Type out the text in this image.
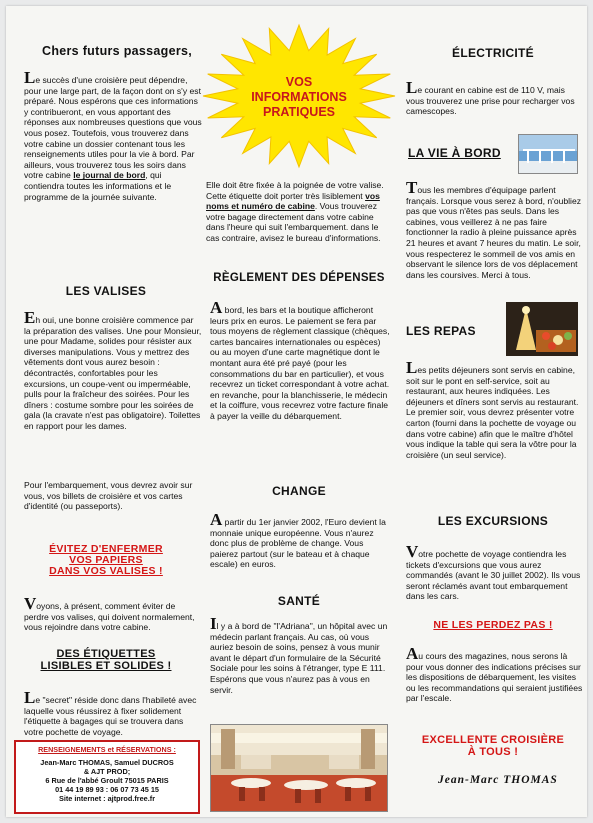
Chers futurs passagers,
Le succès d'une croisière peut dépendre, pour une large part, de la façon dont on s'y est préparé. Nous espérons que ces informations y contribueront, en vous apportant des réponses aux nombreuses questions que vous vous posez. Toutefois, vous trouverez dans votre cabine un dossier contenant tous les renseignements utiles pour la vie à bord. Par ailleurs, vous trouverez tous les soirs dans votre cabine le journal de bord, qui contiendra toutes les informations et le programme de la journée suivante.
LES VALISES
Eh oui, une bonne croisière commence par la préparation des valises. Une pour Monsieur, une pour Madame, solides pour résister aux diverses manipulations. Vous y mettrez des vêtements dont vous aurez besoin : décontractés, confortables pour les excursions, un coupe-vent ou imperméable, pulls pour la fraîcheur des soirées. Pour les dîners : costume sombre pour les soirées de gala (la cravate n'est pas obligatoire). Toilettes en rapport pour les dames.
Pour l'embarquement, vous devrez avoir sur vous, vos billets de croisière et vos cartes d'identité (ou passeports).
ÉVITEZ D'ENFERMER
VOS PAPIERS
DANS VOS VALISES !
Voyons, à présent, comment éviter de perdre vos valises, qui doivent normalement, vous rejoindre dans votre cabine.
DES ÉTIQUETTES
LISIBLES ET SOLIDES !
Le "secret" réside donc dans l'habileté avec laquelle vous réussirez à fixer solidement l'étiquette à bagages qui se trouvera dans votre pochette de voyage.
RENSEIGNEMENTS et RÉSERVATIONS :
Jean-Marc THOMAS, Samuel DUCROS
& AJT PROD;
6 Rue de l'abbé Groult 75015 PARIS
01 44 19 89 93 : 06 07 73 45 15
Site internet : ajtprod.free.fr
VOS
INFORMATIONS
PRATIQUES
Elle doit être fixée à la poignée de votre valise. Cette étiquette doit porter très lisiblement vos noms et numéro de cabine. Vous trouverez votre bagage directement dans votre cabine dans l'heure qui suit l'embarquement. dans le cas contraire, avisez le bureau d'informations.
RÈGLEMENT DES DÉPENSES
A bord, les bars et la boutique afficheront leurs prix en euros. Le paiement se fera par tous moyens de règlement classique (chèques, cartes bancaires internationales ou espèces) ou au moyen d'une carte magnétique dont le montant aura été pré payé (pour les consommations du bar en particulier), et vous recevrez un ticket correspondant à votre achat. en revanche, pour la blanchisserie, le médecin et la coiffure, vous recevrez votre facture finale à payer la veille du débarquement.
CHANGE
A partir du 1er janvier 2002, l'Euro devient la monnaie unique européenne. Vous n'aurez donc plus de problème de change. Vous paierez partout (sur le bateau et à chaque escale) en euros.
SANTÉ
Il y a à bord de "l'Adriana", un hôpital avec un médecin parlant français. Au cas, où vous auriez besoin de soins, pensez à vous munir avant le départ d'un formulaire de la Sécurité Sociale pour les soins à l'étranger, type E 111. Espérons que vous n'aurez pas à vous en servir.
ÉLECTRICITÉ
Le courant en cabine est de 110 V, mais vous trouverez une prise pour recharger vos camescopes.
LA VIE À BORD
Tous les membres d'équipage parlent français. Lorsque vous serez à bord, n'oubliez pas que vous n'êtes pas seuls. Dans les cabines, vous veillerez à ne pas faire fonctionner la radio à pleine puissance après 21 heures et avant 7 heures du matin. Le soir, vous respecterez le sommeil de vos amis en observant le silence lors de vos déplacement dans les coursives. Merci à tous.
LES REPAS
Les petits déjeuners sont servis en cabine, soit sur le pont en self-service, soit au restaurant, aux heures indiquées. Les déjeuners et dîners sont servis au restaurant. Le premier soir, vous devrez présenter votre carton (fourni dans la pochette de voyage ou dans votre cabine) afin que le maître d'hôtel vous indique la table qui sera la vôtre pour la croisière (un seul service).
LES EXCURSIONS
Votre pochette de voyage contiendra les tickets d'excursions que vous aurez commandés (avant le 30 juillet 2002). Ils vous seront réclamés avant tout embarquement dans les cars.
NE LES PERDEZ PAS !
Au cours des magazines, nous serons là pour vous donner des indications précises sur les dispositions de débarquement, les visites ou les recommandations qui seraient justifiées par l'escale.
EXCELLENTE CROISIÈRE
À TOUS !
Jean-Marc THOMAS
